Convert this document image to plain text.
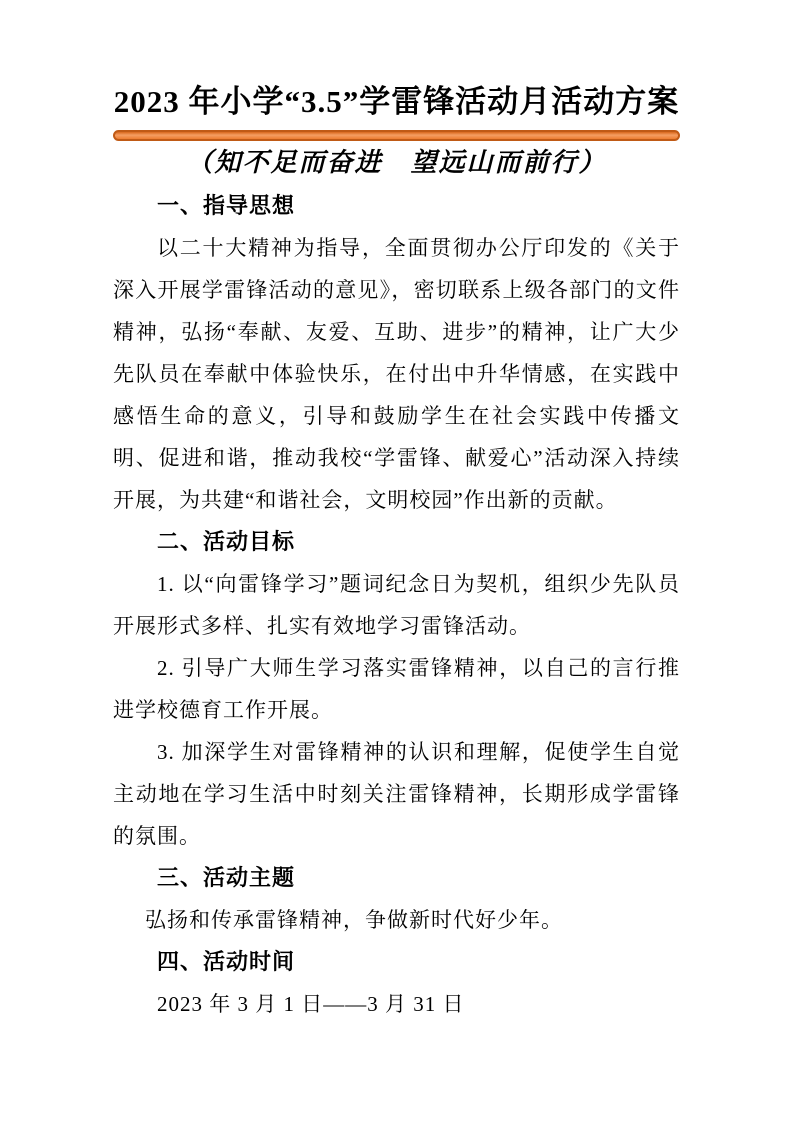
2023 年小学“3.5”学雷锋活动月活动方案
（知不足而奋进　望远山而前行）
一、指导思想

以二十大精神为指导，全面贯彻办公厅印发的《关于深入开展学雷锋活动的意见》，密切联系上级各部门的文件精神，弘扬“奉献、友爱、互助、进步”的精神，让广大少先队员在奉献中体验快乐，在付出中升华情感，在实践中感悟生命的意义，引导和鼓励学生在社会实践中传播文明、促进和谐，推动我校“学雷锋、献爱心”活动深入持续开展，为共建“和谐社会，文明校园”作出新的贡献。

二、活动目标

1. 以“向雷锋学习”题词纪念日为契机，组织少先队员开展形式多样、扎实有效地学习雷锋活动。

2. 引导广大师生学习落实雷锋精神，以自己的言行推进学校德育工作开展。

3. 加深学生对雷锋精神的认识和理解，促使学生自觉主动地在学习生活中时刻关注雷锋精神，长期形成学雷锋的氛围。

三、活动主题

弘扬和传承雷锋精神，争做新时代好少年。

四、活动时间

2023 年 3 月 1 日——3 月 31 日
